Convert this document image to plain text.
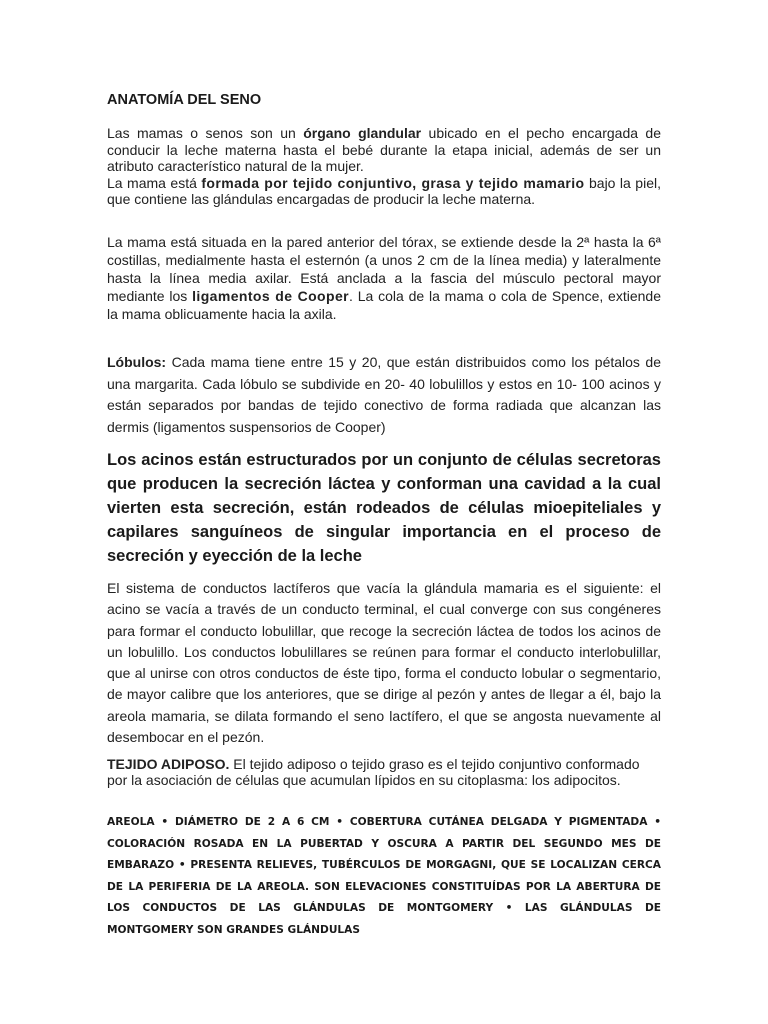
ANATOMÍA DEL SENO

Las mamas o senos son un órgano glandular ubicado en el pecho encargada de conducir la leche materna hasta el bebé durante la etapa inicial, además de ser un atributo característico natural de la mujer.
La mama está formada por tejido conjuntivo, grasa y tejido mamario bajo la piel, que contiene las glándulas encargadas de producir la leche materna.

La mama está situada en la pared anterior del tórax, se extiende desde la 2ª hasta la 6ª costillas, medialmente hasta el esternón (a unos 2 cm de la línea media) y lateralmente hasta la línea media axilar. Está anclada a la fascia del músculo pectoral mayor mediante los ligamentos de Cooper. La cola de la mama o cola de Spence, extiende la mama oblicuamente hacia la axila.

Lóbulos: Cada mama tiene entre 15 y 20, que están distribuidos como los pétalos de una margarita. Cada lóbulo se subdivide en 20- 40 lobulillos y estos en 10- 100 acinos y están separados por bandas de tejido conectivo de forma radiada que alcanzan las dermis (ligamentos suspensorios de Cooper)

Los acinos están estructurados por un conjunto de células secretoras que producen la secreción láctea y conforman una cavidad a la cual vierten esta secreción, están rodeados de células mioepiteliales y capilares sanguíneos de singular importancia en el proceso de secreción y eyección de la leche

El sistema de conductos lactíferos que vacía la glándula mamaria es el siguiente: el acino se vacía a través de un conducto terminal, el cual converge con sus congéneres para formar el conducto lobulillar, que recoge la secreción láctea de todos los acinos de un lobulillo. Los conductos lobulillares se reúnen para formar el conducto interlobulillar, que al unirse con otros conductos de éste tipo, forma el conducto lobular o segmentario, de mayor calibre que los anteriores, que se dirige al pezón y antes de llegar a él, bajo la areola mamaria, se dilata formando el seno lactífero, el que se angosta nuevamente al desembocar en el pezón.

TEJIDO ADIPOSO. El tejido adiposo o tejido graso es el tejido conjuntivo conformado por la asociación de células que acumulan lípidos en su citoplasma: los adipocitos.

AREOLA • DIÁMETRO DE 2 A 6 CM • COBERTURA CUTÁNEA DELGADA Y PIGMENTADA • COLORACIÓN ROSADA EN LA PUBERTAD Y OSCURA A PARTIR DEL SEGUNDO MES DE EMBARAZO • PRESENTA RELIEVES, TUBÉRCULOS DE MORGAGNI, QUE SE LOCALIZAN CERCA DE LA PERIFERIA DE LA AREOLA. SON ELEVACIONES CONSTITUÍDAS POR LA ABERTURA DE LOS CONDUCTOS DE LAS GLÁNDULAS DE MONTGOMERY • LAS GLÁNDULAS DE MONTGOMERY SON GRANDES GLÁNDULAS
